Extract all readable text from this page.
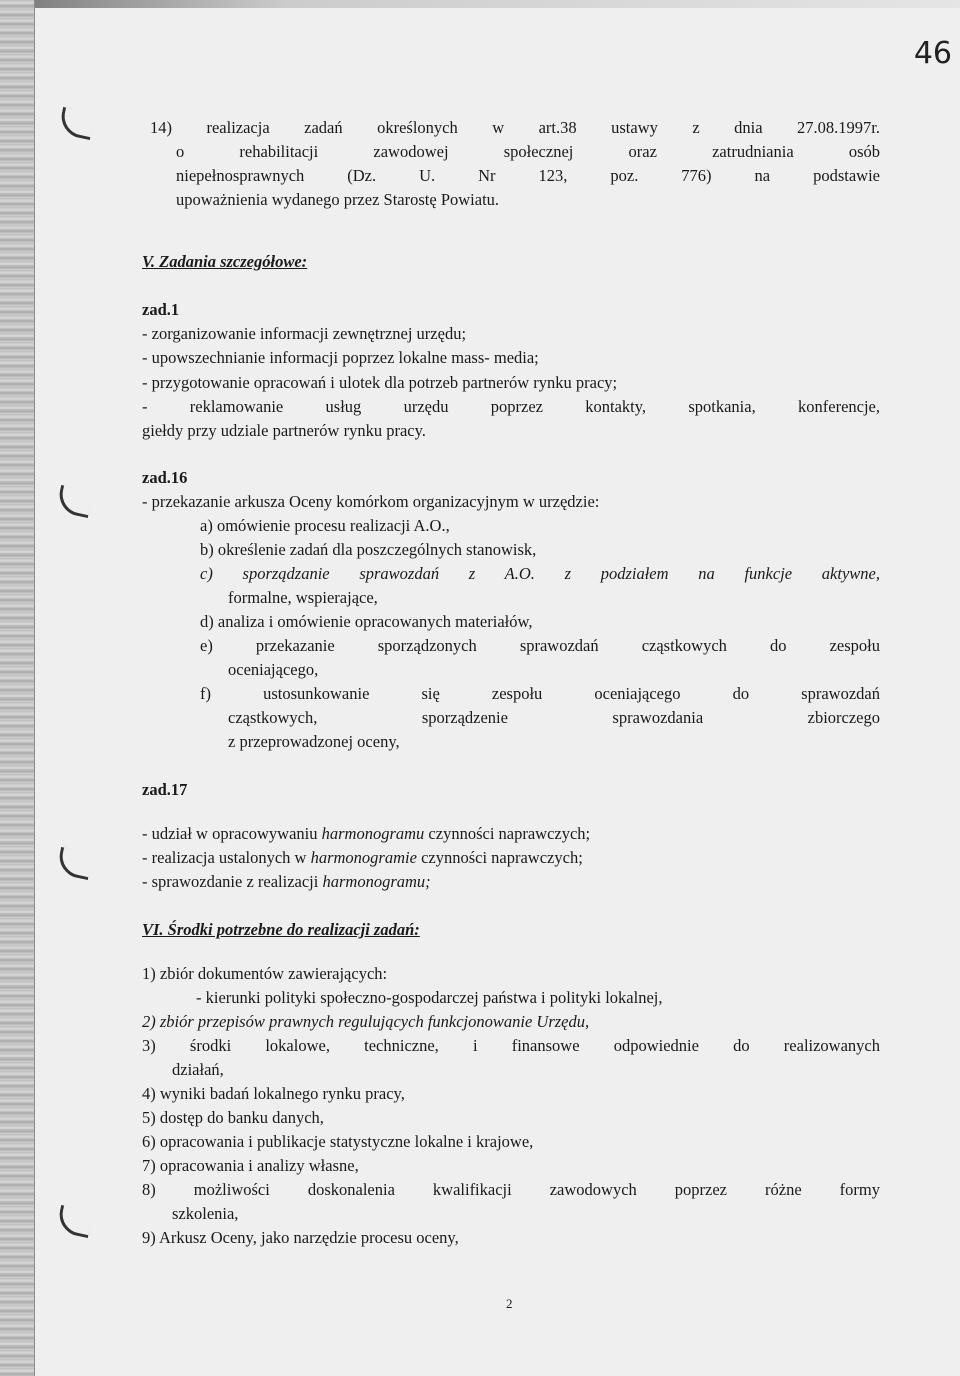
46
14) realizacja zadań określonych w art.38 ustawy z dnia 27.08.1997r.
o rehabilitacji zawodowej społecznej oraz zatrudniania osób
niepełnosprawnych (Dz. U. Nr 123, poz. 776) na podstawie
upoważnienia wydanego przez Starostę Powiatu.
V. Zadania szczegółowe:
zad.1
- zorganizowanie informacji zewnętrznej urzędu;
- upowszechnianie informacji poprzez lokalne mass- media;
- przygotowanie opracowań i ulotek dla potrzeb partnerów rynku pracy;
- reklamowanie usług urzędu poprzez kontakty, spotkania, konferencje,
giełdy przy udziale partnerów rynku pracy.
zad.16
- przekazanie arkusza Oceny komórkom organizacyjnym w urzędzie:
a) omówienie procesu realizacji A.O.,
b) określenie zadań dla poszczególnych stanowisk,
c) sporządzanie sprawozdań z A.O. z podziałem na funkcje aktywne,
formalne, wspierające,
d) analiza i omówienie opracowanych materiałów,
e) przekazanie sporządzonych sprawozdań cząstkowych do zespołu
oceniającego,
f) ustosunkowanie się zespołu oceniającego do sprawozdań
cząstkowych, sporządzenie sprawozdania zbiorczego
z przeprowadzonej oceny,
zad.17
- udział w opracowywaniu harmonogramu czynności naprawczych;
- realizacja ustalonych w harmonogramie czynności naprawczych;
- sprawozdanie z realizacji harmonogramu;
VI. Środki potrzebne do realizacji zadań:
1) zbiór dokumentów zawierających:
- kierunki polityki społeczno-gospodarczej państwa i polityki lokalnej,
2) zbiór przepisów prawnych regulujących funkcjonowanie Urzędu,
3) środki lokalowe, techniczne, i finansowe odpowiednie do realizowanych
działań,
4) wyniki badań lokalnego rynku pracy,
5) dostęp do banku danych,
6) opracowania i publikacje statystyczne lokalne i krajowe,
7) opracowania i analizy własne,
8) możliwości doskonalenia kwalifikacji zawodowych poprzez różne formy
szkolenia,
9) Arkusz Oceny, jako narzędzie procesu oceny,
2
